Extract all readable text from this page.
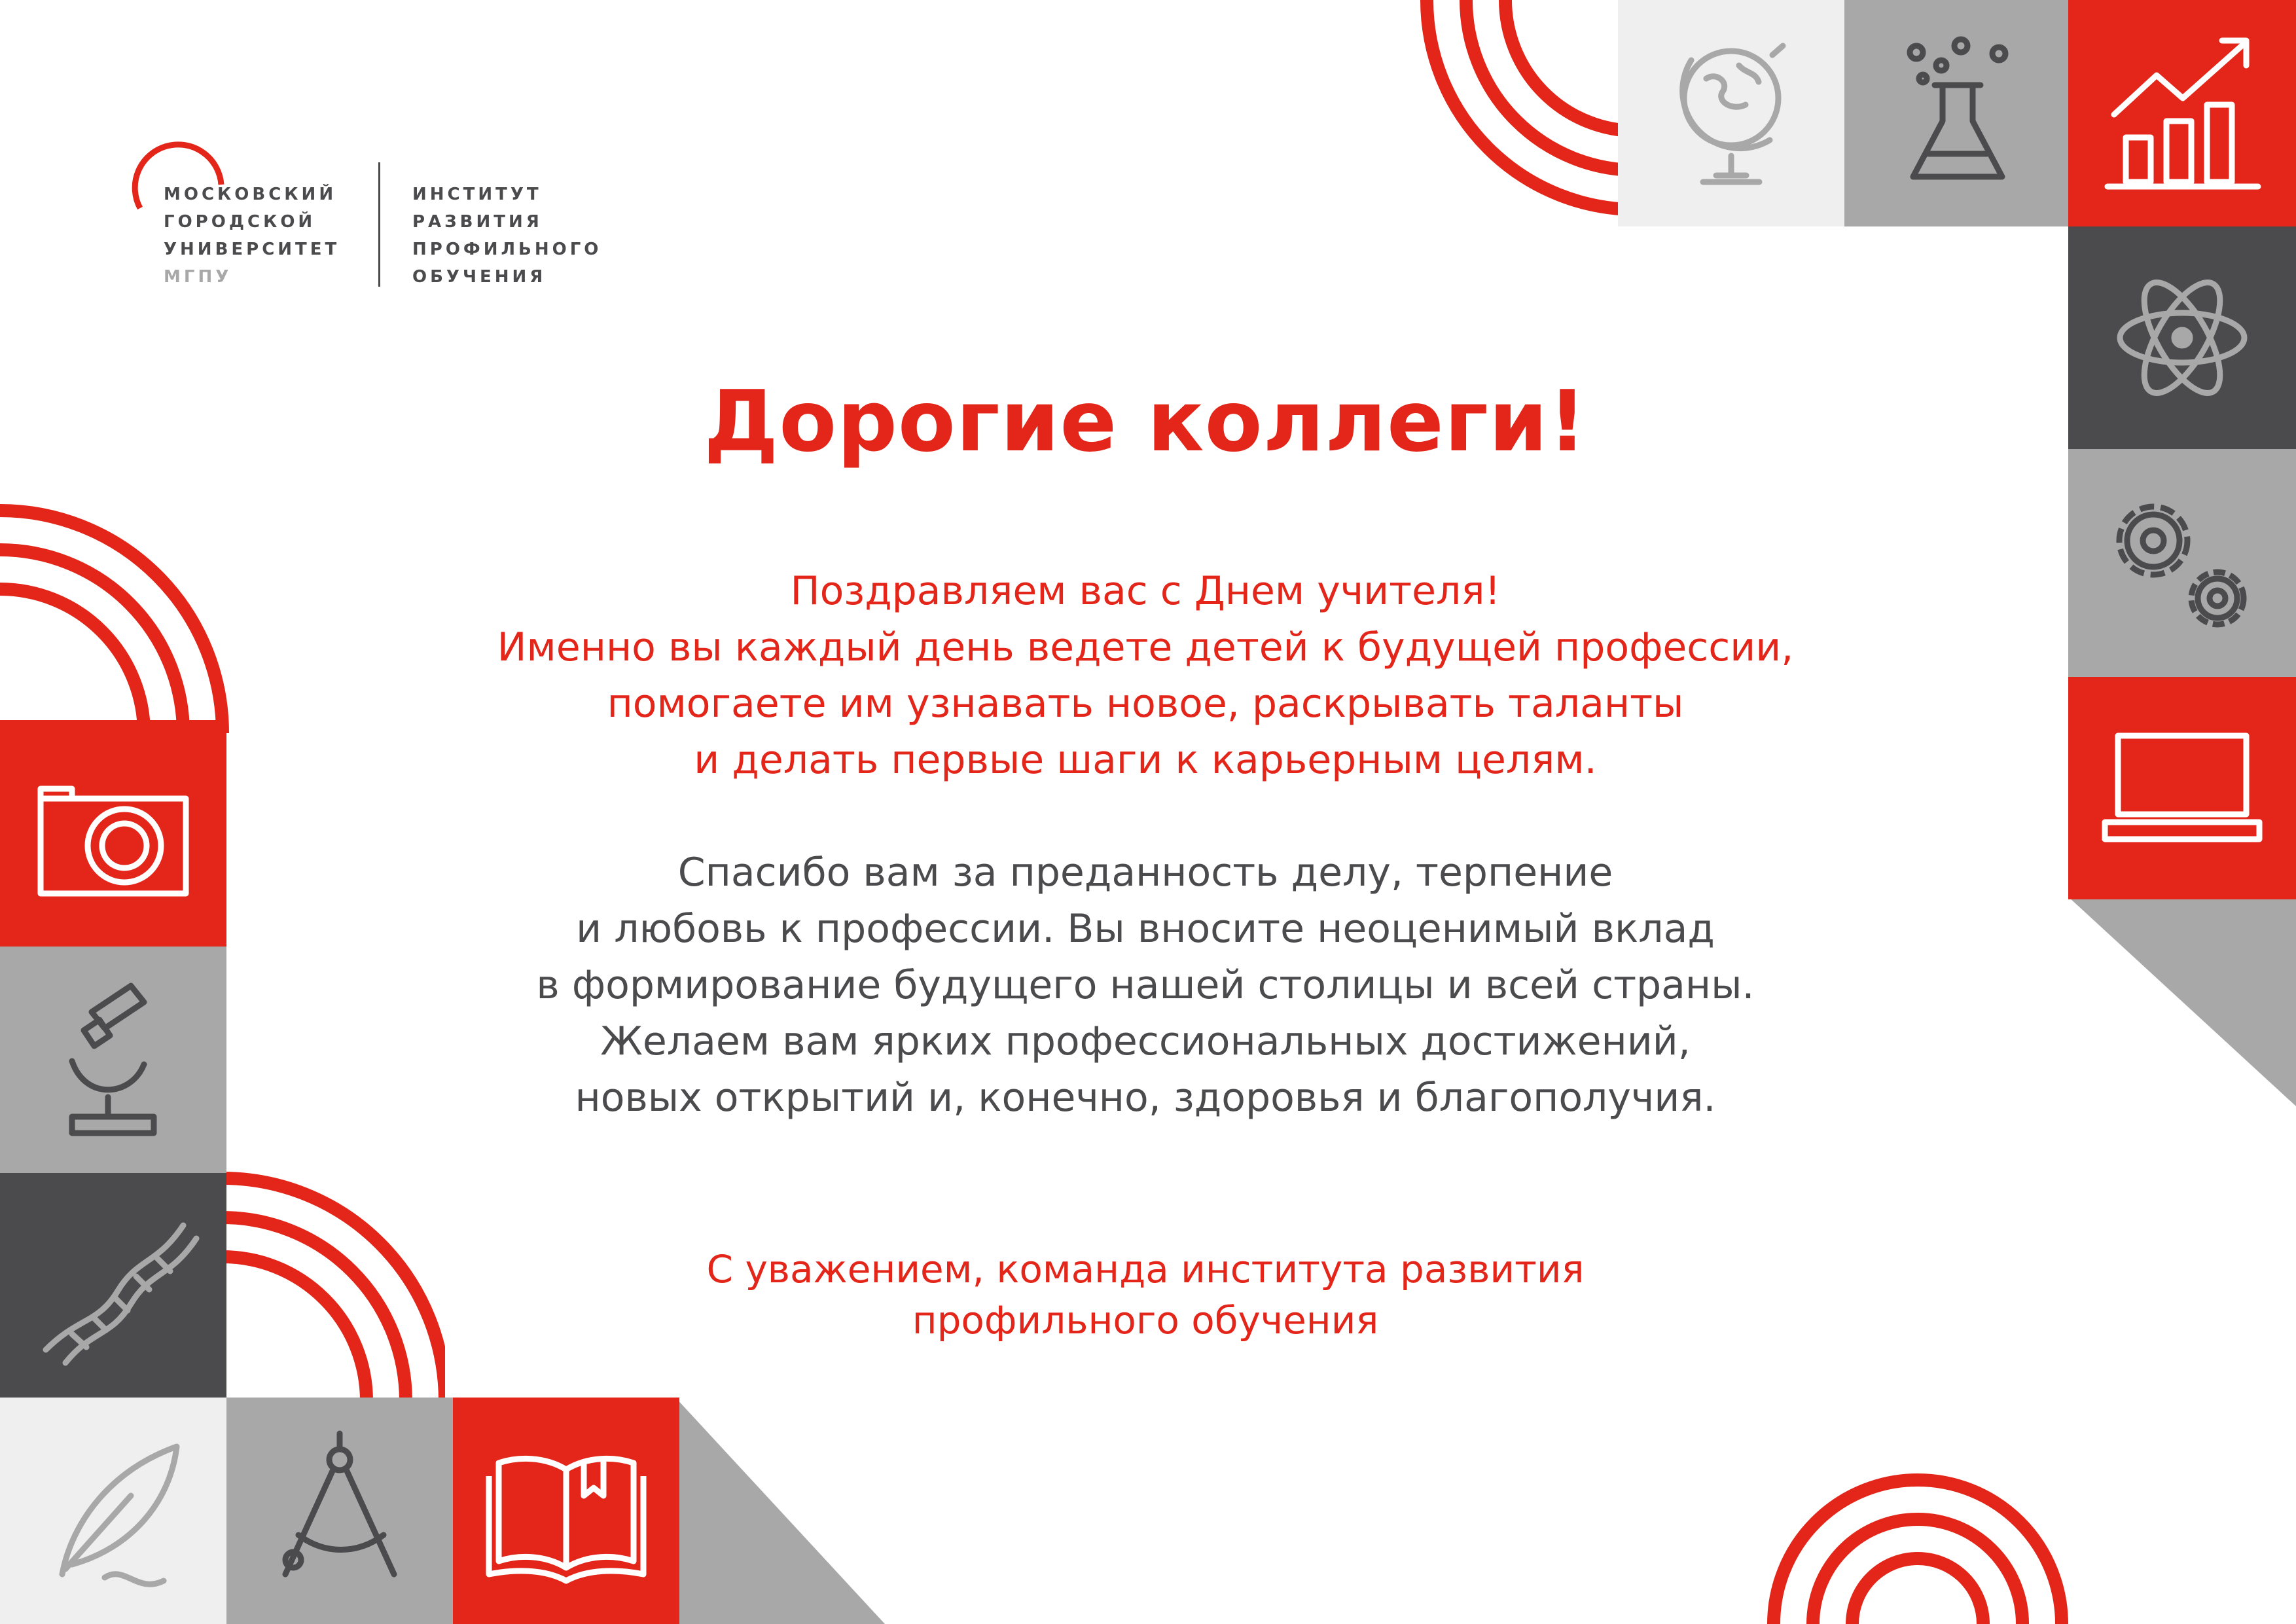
МОСКОВСКИЙ
ГОРОДСКОЙ
УНИВЕРСИТЕТ
МГПУ
ИНСТИТУТ РАЗВИТИЯ
ПРОФИЛЬНОГО
ОБУЧЕНИЯ
Дорогие коллеги!
Поздравляем вас с Днем учителя!
Именно вы каждый день ведете детей к будущей профессии,
помогаете им узнавать новое, раскрывать таланты
и делать первые шаги к карьерным целям.
Спасибо вам за преданность делу, терпение
и любовь к профессии. Вы вносите неоценимый вклад
в формирование будущего нашей столицы и всей страны.
Желаем вам ярких профессиональных достижений,
новых открытий и, конечно, здоровья и благополучия.
С уважением, команда института развития
профильного обучения
